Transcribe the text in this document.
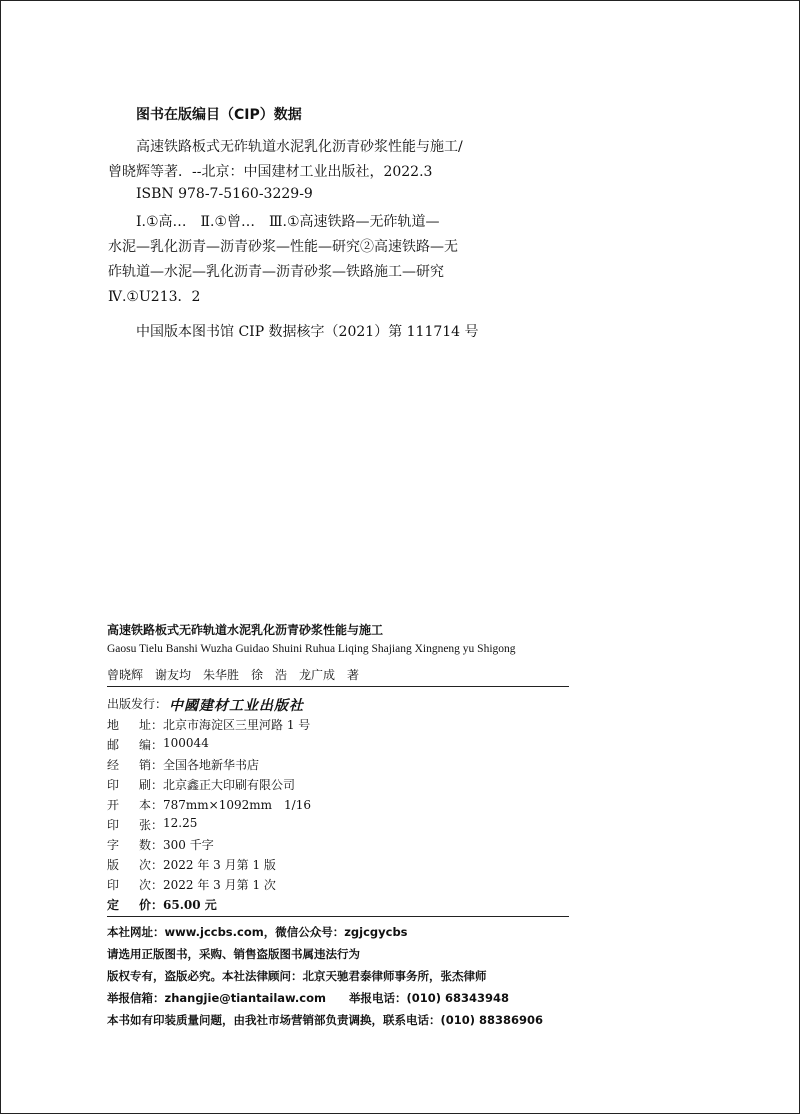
图书在版编目（CIP）数据
高速铁路板式无砟轨道水泥乳化沥青砂浆性能与施工/
曾晓辉等著．--北京：中国建材工业出版社，2022.3
ISBN 978-7-5160-3229-9
Ⅰ.①高…　Ⅱ.①曾…　Ⅲ.①高速铁路—无砟轨道—
水泥—乳化沥青—沥青砂浆—性能—研究②高速铁路—无
砟轨道—水泥—乳化沥青—沥青砂浆—铁路施工—研究
Ⅳ.①U213．2
中国版本图书馆 CIP 数据核字（2021）第 111714 号
高速铁路板式无砟轨道水泥乳化沥青砂浆性能与施工
Gaosu Tielu Banshi Wuzha Guidao Shuini Ruhua Liqing Shajiang Xingneng yu Shigong
曾晓辉　谢友均　朱华胜　徐　浩　龙广成　著
出版发行： 中國建材工业出版社
地 址 ： 北京市海淀区三里河路 1 号
邮 编 ： 100044
经 销 ： 全国各地新华书店
印 刷 ： 北京鑫正大印刷有限公司
开 本 ： 787mm×1092mm　1/16
印 张 ： 12.25
字 数 ： 300 千字
版 次 ： 2022 年 3 月第 1 版
印 次 ： 2022 年 3 月第 1 次
定 价 ： 65.00 元
本社网址：www.jccbs.com，微信公众号：zgjcgycbs
请选用正版图书，采购、销售盗版图书属违法行为
版权专有，盗版必究。本社法律顾问：北京天驰君泰律师事务所，张杰律师
举报信箱：zhangjie@tiantailaw.com　　举报电话：(010) 68343948
本书如有印装质量问题，由我社市场营销部负责调换，联系电话：(010) 88386906
